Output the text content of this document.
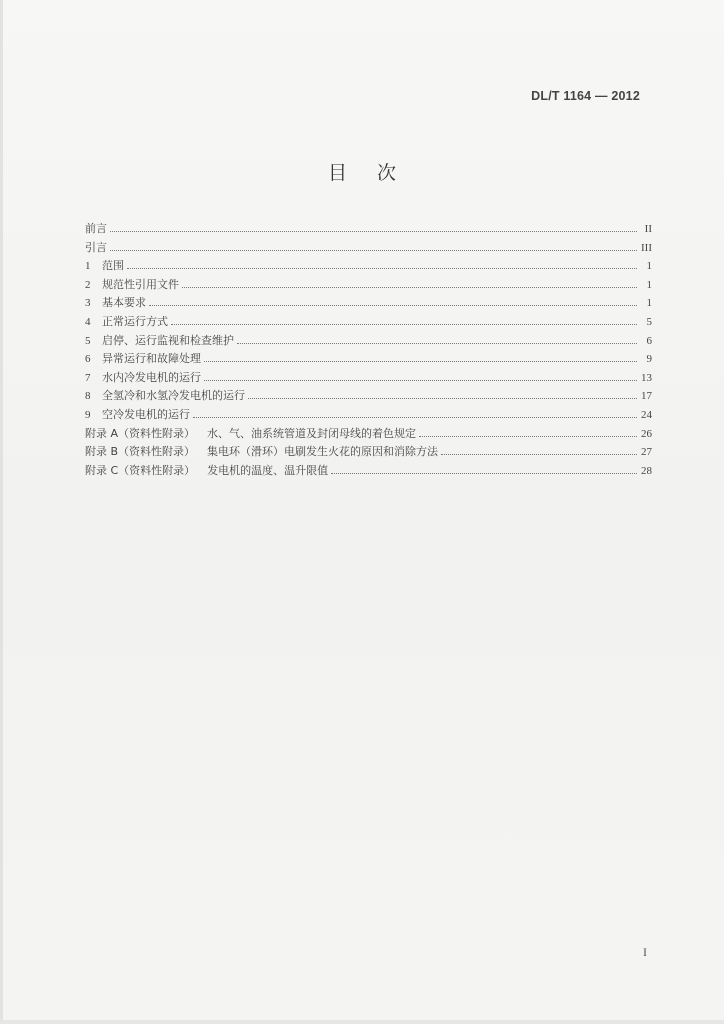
DL/T 1164 — 2012
目 次
前言	II
引言	III
1	范围	1
2	规范性引用文件	1
3	基本要求	1
4	正常运行方式	5
5	启停、运行监视和检查维护	6
6	异常运行和故障处理	9
7	水内冷发电机的运行	13
8	全氢冷和水氢冷发电机的运行	17
9	空冷发电机的运行	24
附录 A（资料性附录） 水、气、油系统管道及封闭母线的着色规定	26
附录 B（资料性附录） 集电环（滑环）电刷发生火花的原因和消除方法	27
附录 C（资料性附录） 发电机的温度、温升限值	28
I
